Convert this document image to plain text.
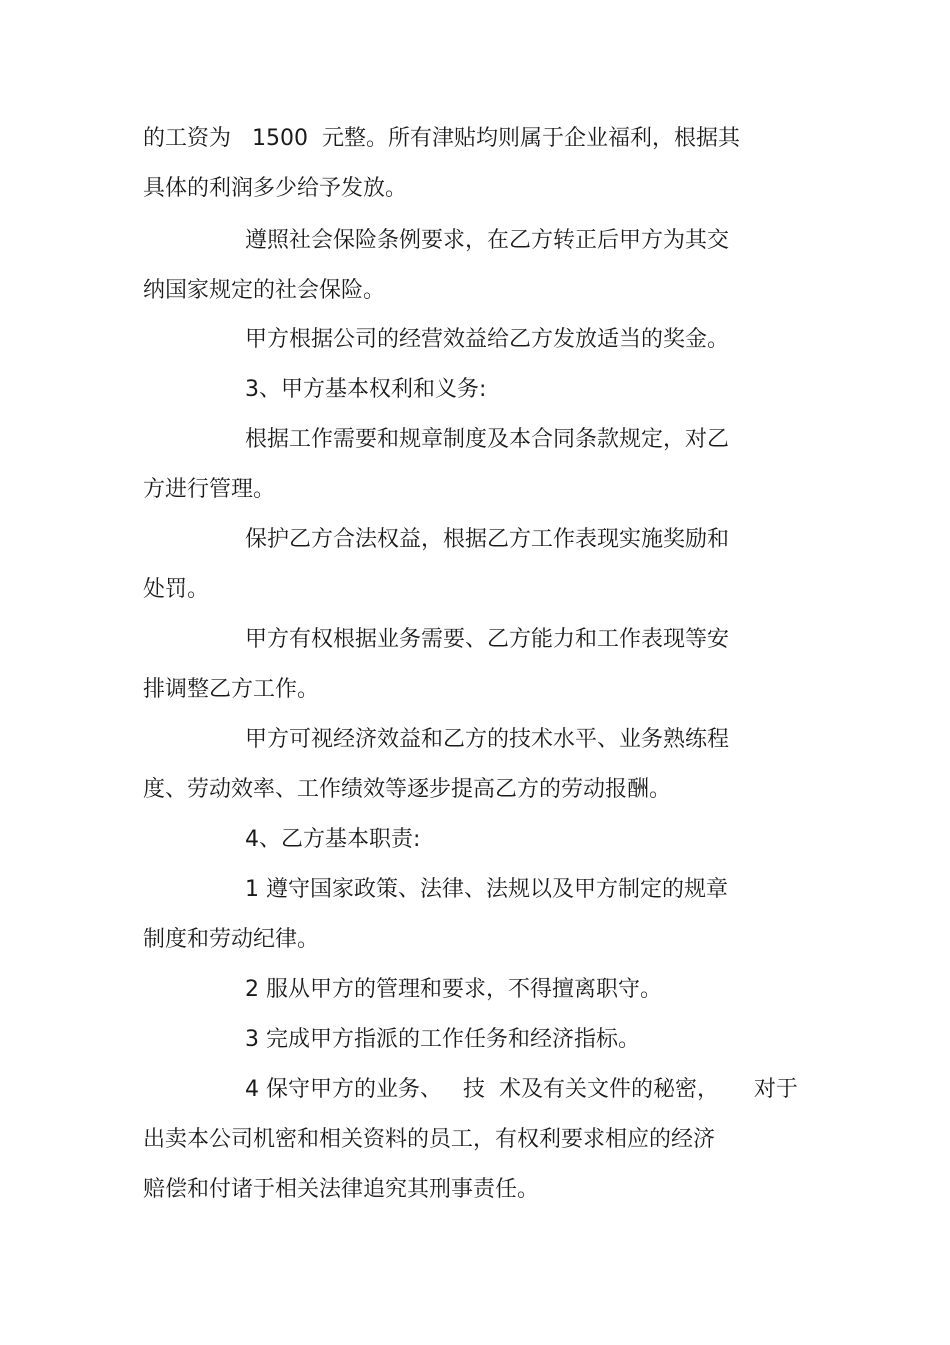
的工资为   1500  元整。所有津贴均则属于企业福利，根据其
具体的利润多少给予发放。
遵照社会保险条例要求，在乙方转正后甲方为其交
纳国家规定的社会保险。
甲方根据公司的经营效益给乙方发放适当的奖金。
3、甲方基本权利和义务:
根据工作需要和规章制度及本合同条款规定，对乙
方进行管理。
保护乙方合法权益，根据乙方工作表现实施奖励和
处罚。
甲方有权根据业务需要、乙方能力和工作表现等安
排调整乙方工作。
甲方可视经济效益和乙方的技术水平、业务熟练程
度、劳动效率、工作绩效等逐步提高乙方的劳动报酬。
4、乙方基本职责:
1 遵守国家政策、法律、法规以及甲方制定的规章
制度和劳动纪律。
2 服从甲方的管理和要求，不得擅离职守。
3 完成甲方指派的工作任务和经济指标。
4 保守甲方的业务、   技  术及有关文件的秘密，     对于
出卖本公司机密和相关资料的员工，有权利要求相应的经济
赔偿和付诸于相关法律追究其刑事责任。
